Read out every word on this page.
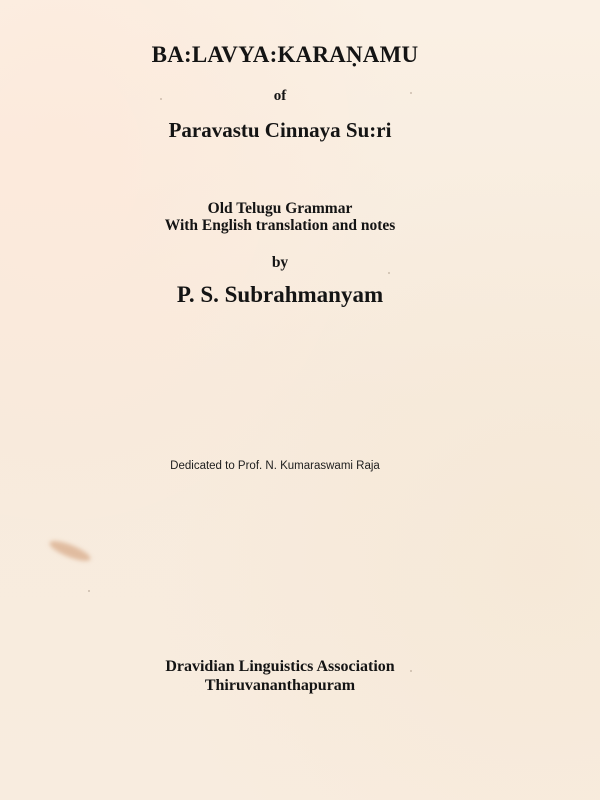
BA:LAVYA:KARAṆAMU
of
Paravastu Cinnaya Su:ri
Old Telugu Grammar
With English translation and notes
by
P. S. Subrahmanyam
Dedicated to Prof. N. Kumaraswami Raja
Dravidian Linguistics Association
Thiruvananthapuram
